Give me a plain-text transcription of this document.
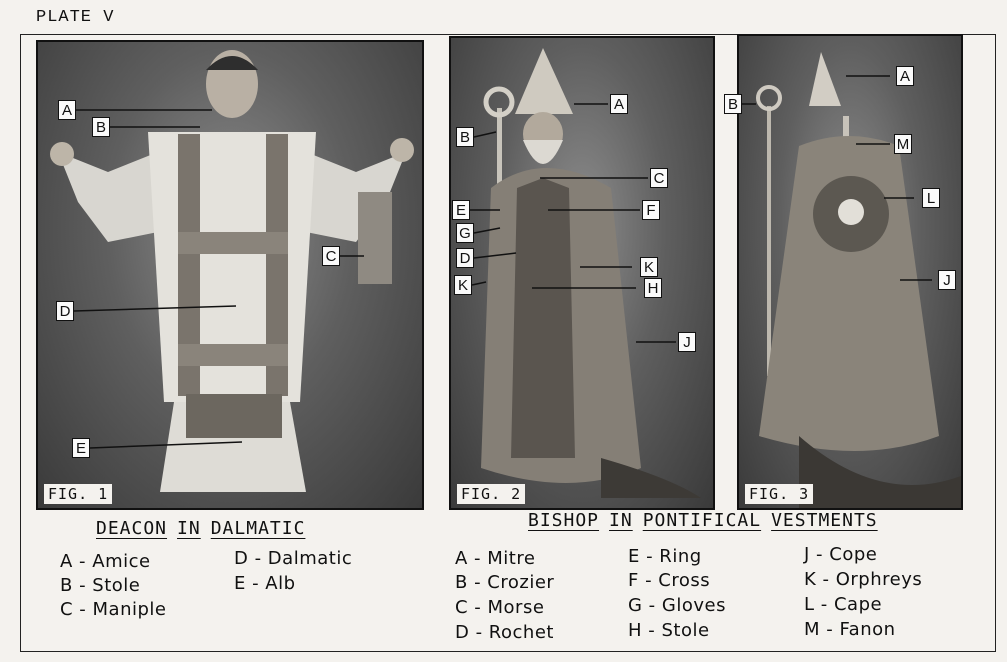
PLATE V
FIG. 1	FIG. 2	FIG. 3
A
B
C
D
E
A
B
C
E	F
G
D
K
K	H
J
A
B
M
L
J
DEACON IN DALMATIC
A - Amice
B - Stole
C - Maniple
D - Dalmatic
E - Alb
BISHOP IN PONTIFICAL VESTMENTS
A - Mitre
B - Crozier
C - Morse
D - Rochet
E - Ring
F - Cross
G - Gloves
H - Stole
J - Cope
K - Orphreys
L - Cape
M - Fanon
